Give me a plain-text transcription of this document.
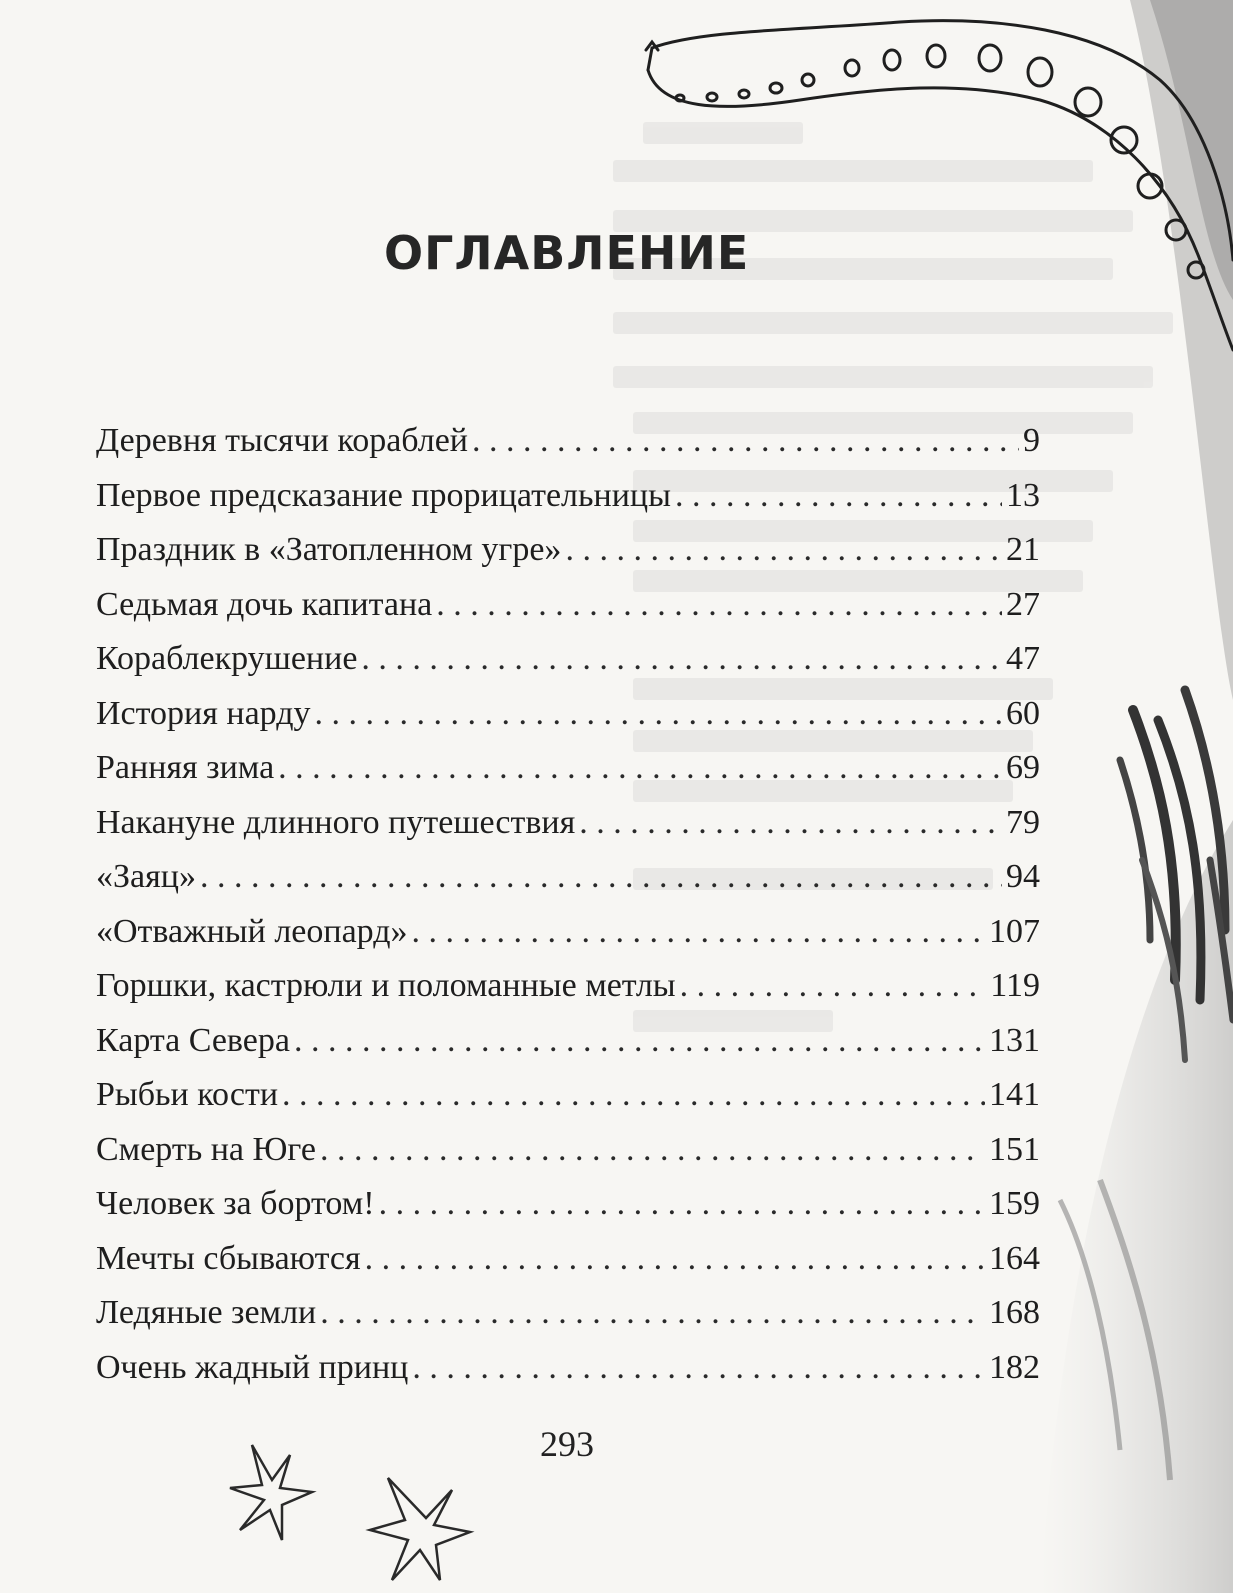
ОГЛАВЛЕНИЕ
Деревня тысячи кораблей . . .	9
Первое предсказание прорицательницы . . .	13
Праздник в «Затопленном угре» . . .	21
Седьмая дочь капитана . . .	27
Кораблекрушение . . .	47
История нарду . . .	60
Ранняя зима . . .	69
Накануне длинного путешествия . . .	79
«Заяц» . . .	94
«Отважный леопард» . . .	107
Горшки, кастрюли и поломанные метлы . . .	119
Карта Севера . . .	131
Рыбьи кости . . .	141
Смерть на Юге . . .	151
Человек за бортом! . . .	159
Мечты сбываются . . .	164
Ледяные земли . . .	168
Очень жадный принц . . .	182
293
